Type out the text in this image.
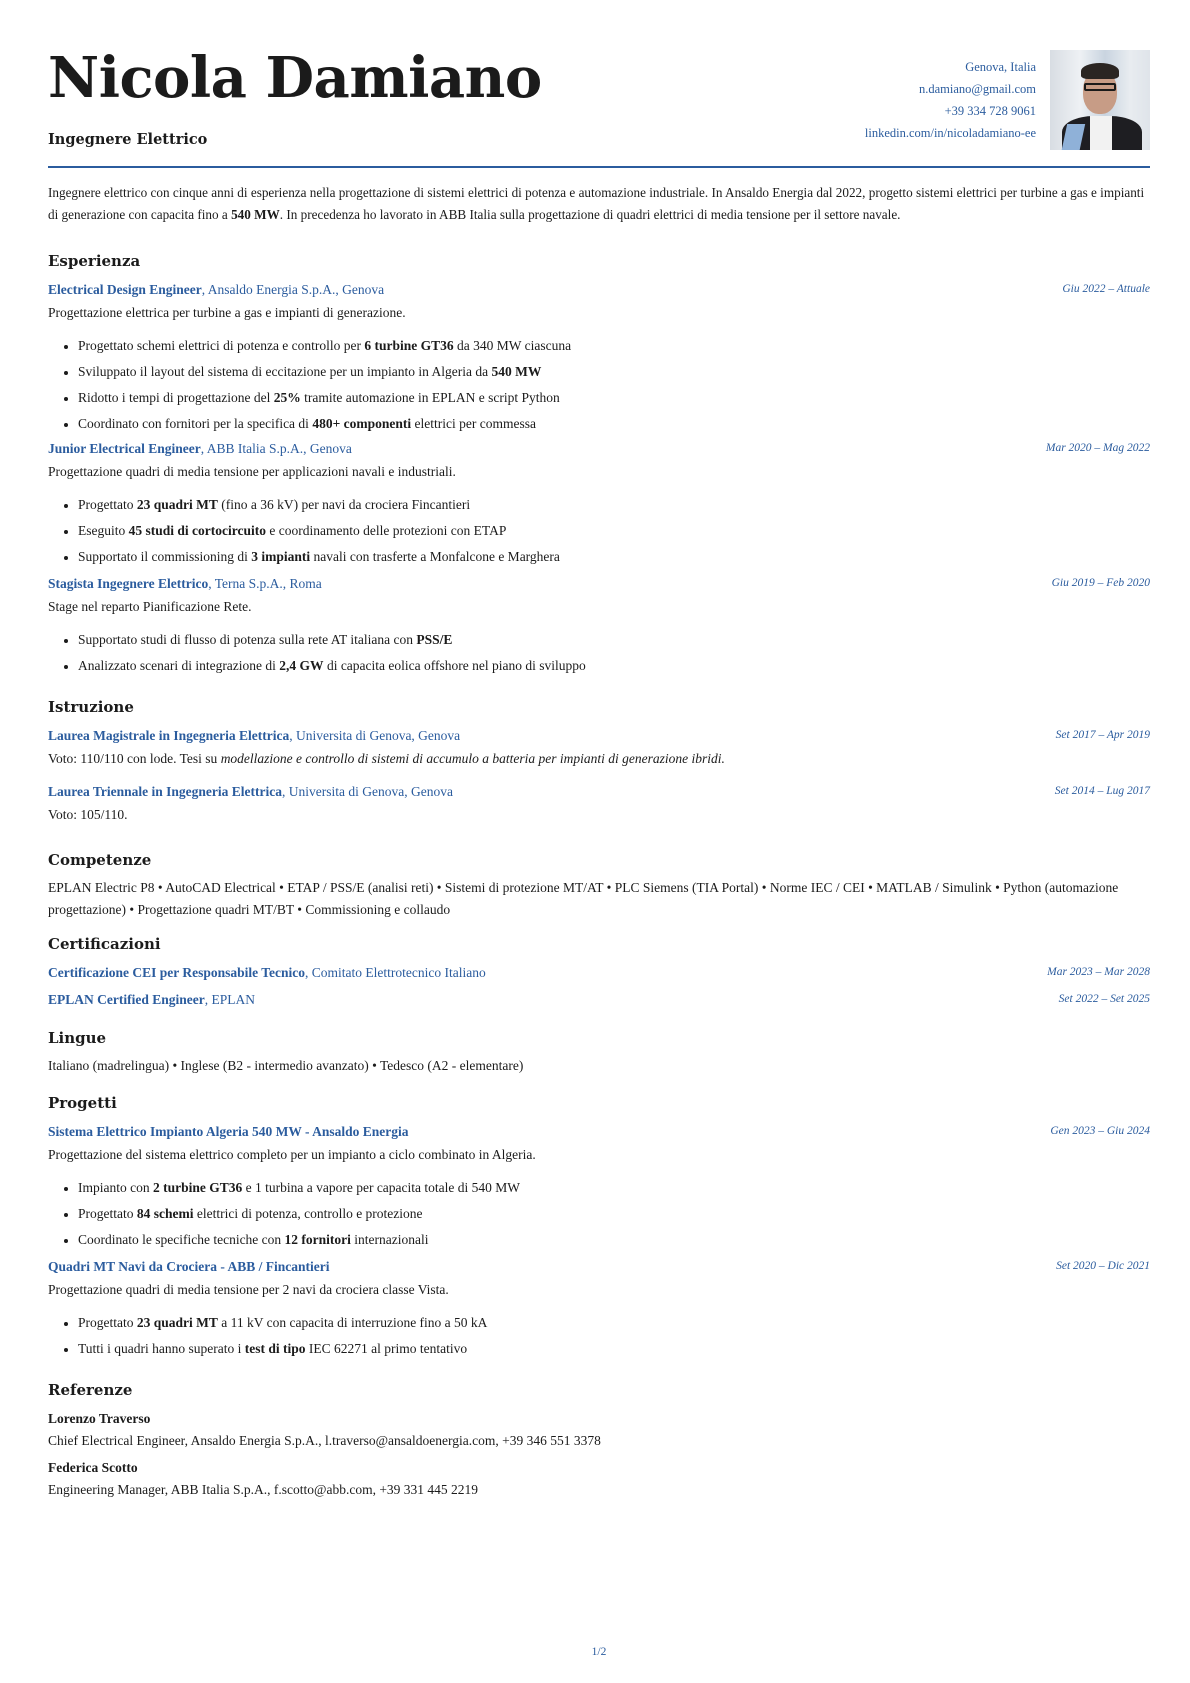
Nicola Damiano
Ingegnere Elettrico
Genova, Italia
n.damiano@gmail.com
+39 334 728 9061
linkedin.com/in/nicoladamiano-ee
Ingegnere elettrico con cinque anni di esperienza nella progettazione di sistemi elettrici di potenza e automazione industriale. In Ansaldo Energia dal 2022, progetto sistemi elettrici per turbine a gas e impianti di generazione con capacita fino a 540 MW. In precedenza ho lavorato in ABB Italia sulla progettazione di quadri elettrici di media tensione per il settore navale.
Esperienza
Electrical Design Engineer, Ansaldo Energia S.p.A., Genova	Giu 2022 – Attuale
Progettazione elettrica per turbine a gas e impianti di generazione.
Progettato schemi elettrici di potenza e controllo per 6 turbine GT36 da 340 MW ciascuna
Sviluppato il layout del sistema di eccitazione per un impianto in Algeria da 540 MW
Ridotto i tempi di progettazione del 25% tramite automazione in EPLAN e script Python
Coordinato con fornitori per la specifica di 480+ componenti elettrici per commessa
Junior Electrical Engineer, ABB Italia S.p.A., Genova	Mar 2020 – Mag 2022
Progettazione quadri di media tensione per applicazioni navali e industriali.
Progettato 23 quadri MT (fino a 36 kV) per navi da crociera Fincantieri
Eseguito 45 studi di cortocircuito e coordinamento delle protezioni con ETAP
Supportato il commissioning di 3 impianti navali con trasferte a Monfalcone e Marghera
Stagista Ingegnere Elettrico, Terna S.p.A., Roma	Giu 2019 – Feb 2020
Stage nel reparto Pianificazione Rete.
Supportato studi di flusso di potenza sulla rete AT italiana con PSS/E
Analizzato scenari di integrazione di 2,4 GW di capacita eolica offshore nel piano di sviluppo
Istruzione
Laurea Magistrale in Ingegneria Elettrica, Universita di Genova, Genova	Set 2017 – Apr 2019
Voto: 110/110 con lode. Tesi su modellazione e controllo di sistemi di accumulo a batteria per impianti di generazione ibridi.
Laurea Triennale in Ingegneria Elettrica, Universita di Genova, Genova	Set 2014 – Lug 2017
Voto: 105/110.
Competenze
EPLAN Electric P8 • AutoCAD Electrical • ETAP / PSS/E (analisi reti) • Sistemi di protezione MT/AT • PLC Siemens (TIA Portal) • Norme IEC / CEI • MATLAB / Simulink • Python (automazione progettazione) • Progettazione quadri MT/BT • Commissioning e collaudo
Certificazioni
Certificazione CEI per Responsabile Tecnico, Comitato Elettrotecnico Italiano	Mar 2023 – Mar 2028
EPLAN Certified Engineer, EPLAN	Set 2022 – Set 2025
Lingue
Italiano (madrelingua) • Inglese (B2 - intermedio avanzato) • Tedesco (A2 - elementare)
Progetti
Sistema Elettrico Impianto Algeria 540 MW - Ansaldo Energia	Gen 2023 – Giu 2024
Progettazione del sistema elettrico completo per un impianto a ciclo combinato in Algeria.
Impianto con 2 turbine GT36 e 1 turbina a vapore per capacita totale di 540 MW
Progettato 84 schemi elettrici di potenza, controllo e protezione
Coordinato le specifiche tecniche con 12 fornitori internazionali
Quadri MT Navi da Crociera - ABB / Fincantieri	Set 2020 – Dic 2021
Progettazione quadri di media tensione per 2 navi da crociera classe Vista.
Progettato 23 quadri MT a 11 kV con capacita di interruzione fino a 50 kA
Tutti i quadri hanno superato i test di tipo IEC 62271 al primo tentativo
Referenze
Lorenzo Traverso
Chief Electrical Engineer, Ansaldo Energia S.p.A., l.traverso@ansaldoenergia.com, +39 346 551 3378
Federica Scotto
Engineering Manager, ABB Italia S.p.A., f.scotto@abb.com, +39 331 445 2219
1/2
